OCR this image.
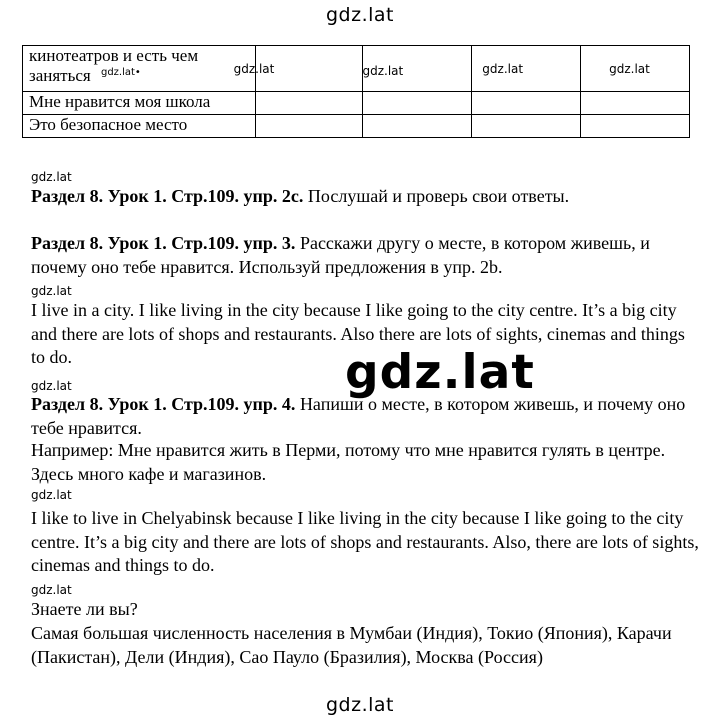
gdz.lat
кинотеатров и есть чем
заняться $^{gdz.lat•}$	$_{gdz.lat}$	$_{gdz.lat}$	$_{gdz.lat}$	$_{gdz.lat}$
Мне нравится моя школа				
Это безопасное место				
gdz.lat

Раздел 8. Урок 1. Стр.109. упр. 2c. Послушай и проверь свои ответы.

Раздел 8. Урок 1. Стр.109. упр. 3. Расскажи другу о месте, в котором живешь, и почему оно тебе нравится. Используй предложения в упр. 2b.

gdz.lat

I live in a city. I like living in the city because I like going to the city centre. It’s a big city and there are lots of shops and restaurants. Also there are lots of sights, cinemas and things to do.	gdz.lat
gdz.lat

Раздел 8. Урок 1. Стр.109. упр. 4. Напиши о месте, в котором живешь, и почему оно тебе нравится.

Например: Мне нравится жить в Перми, потому что мне нравится гулять в центре. Здесь много кафе и магазинов.

gdz.lat

I like to live in Chelyabinsk because I like living in the city because I like going to the city centre. It’s a big city and there are lots of shops and restaurants. Also, there are lots of sights, cinemas and things to do.

gdz.lat

Знаете ли вы?

Самая большая численность населения в Мумбаи (Индия), Токио (Япония), Карачи (Пакистан), Дели (Индия), Сао Пауло (Бразилия), Москва (Россия)

gdz.lat
